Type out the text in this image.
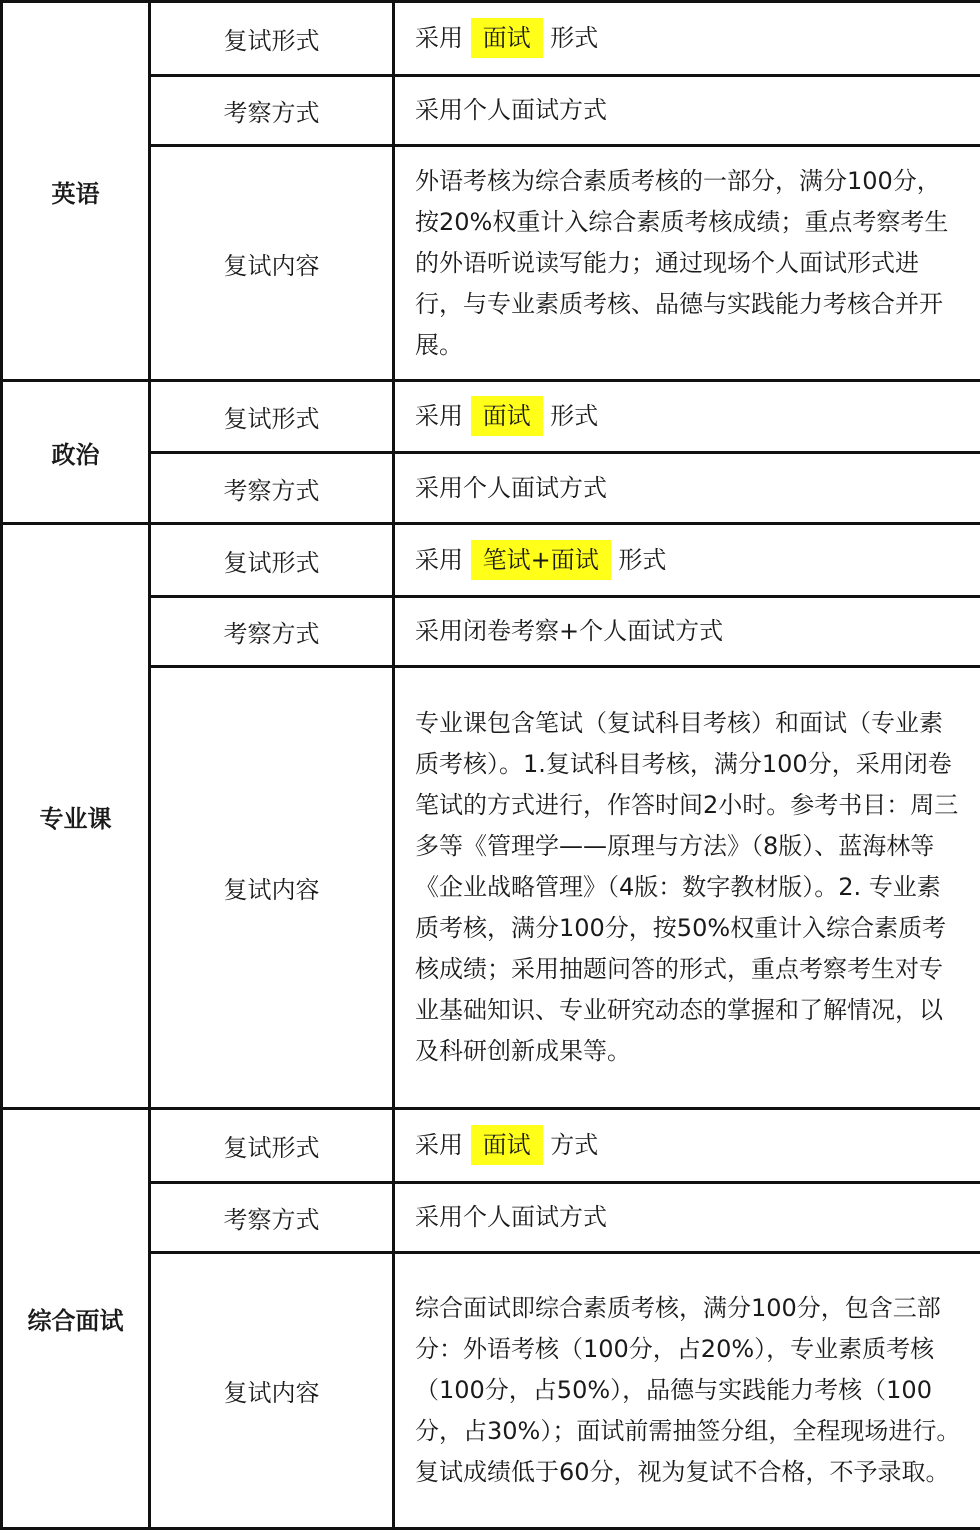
英语	复试形式	采用 面试 形式
	考察方式	采用个人面试方式
	复试内容	外语考核为综合素质考核的一部分，满分100分，按20%权重计入综合素质考核成绩；重点考察考生的外语听说读写能力；通过现场个人面试形式进行，与专业素质考核、品德与实践能力考核合并开展。
政治	复试形式	采用 面试 形式
	考察方式	采用个人面试方式
专业课	复试形式	采用 笔试+面试 形式
	考察方式	采用闭卷考察+个人面试方式
	复试内容	专业课包含笔试（复试科目考核）和面试（专业素质考核）。1.复试科目考核，满分100分，采用闭卷笔试的方式进行，作答时间2小时。参考书目：周三多等《管理学——原理与方法》（8版）、蓝海林等《企业战略管理》（4版：数字教材版）。2. 专业素质考核，满分100分，按50%权重计入综合素质考核成绩；采用抽题问答的形式，重点考察考生对专业基础知识、专业研究动态的掌握和了解情况，以及科研创新成果等。
综合面试	复试形式	采用 面试 方式
	考察方式	采用个人面试方式
	复试内容	综合面试即综合素质考核，满分100分，包含三部分：外语考核（100分，占20%），专业素质考核（100分，占50%），品德与实践能力考核（100分，占30%）；面试前需抽签分组，全程现场进行。复试成绩低于60分，视为复试不合格，不予录取。
